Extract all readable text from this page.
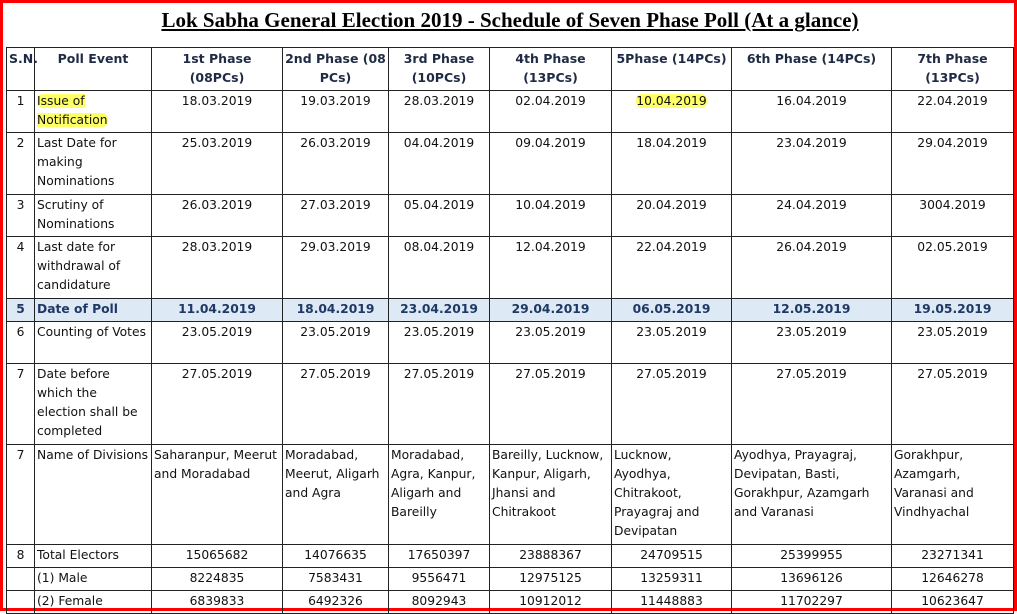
Lok Sabha General Election 2019 - Schedule of Seven Phase Poll (At a glance)
S.N.	Poll Event	1st Phase (08PCs)	2nd Phase (08 PCs)	3rd Phase (10PCs)	4th Phase (13PCs)	5Phase (14PCs)	6th Phase (14PCs)	7th Phase (13PCs)
1	Issue of Notification	18.03.2019	19.03.2019	28.03.2019	02.04.2019	10.04.2019	16.04.2019	22.04.2019
2	Last Date for making Nominations	25.03.2019	26.03.2019	04.04.2019	09.04.2019	18.04.2019	23.04.2019	29.04.2019
3	Scrutiny of Nominations	26.03.2019	27.03.2019	05.04.2019	10.04.2019	20.04.2019	24.04.2019	3004.2019
4	Last date for withdrawal of candidature	28.03.2019	29.03.2019	08.04.2019	12.04.2019	22.04.2019	26.04.2019	02.05.2019
5	Date of Poll	11.04.2019	18.04.2019	23.04.2019	29.04.2019	06.05.2019	12.05.2019	19.05.2019
6	Counting of Votes	23.05.2019	23.05.2019	23.05.2019	23.05.2019	23.05.2019	23.05.2019	23.05.2019
7	Date before which the election shall be completed	27.05.2019	27.05.2019	27.05.2019	27.05.2019	27.05.2019	27.05.2019	27.05.2019
7	Name of Divisions	Saharanpur, Meerut and Moradabad	Moradabad, Meerut, Aligarh and Agra	Moradabad, Agra, Kanpur, Aligarh and Bareilly	Bareilly, Lucknow, Kanpur, Aligarh, Jhansi and Chitrakoot	Lucknow, Ayodhya, Chitrakoot, Prayagraj and Devipatan	Ayodhya, Prayagraj, Devipatan, Basti, Gorakhpur, Azamgarh and Varanasi	Gorakhpur, Azamgarh, Varanasi and Vindhyachal
8	Total Electors	15065682	14076635	17650397	23888367	24709515	25399955	23271341
	(1) Male	8224835	7583431	9556471	12975125	13259311	13696126	12646278
	(2) Female	6839833	6492326	8092943	10912012	11448883	11702297	10623647
